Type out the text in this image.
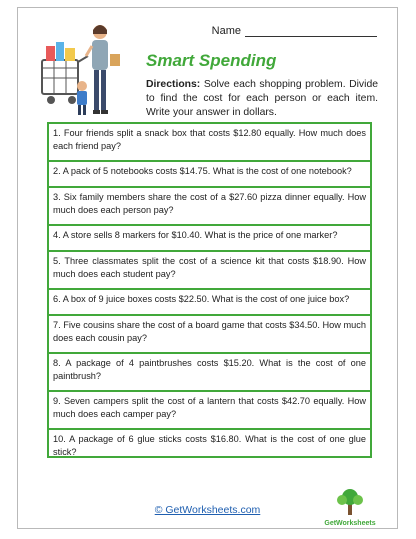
Name
Smart Spending
Directions: Solve each shopping problem. Divide to find the cost for each person or each item. Write your answer in dollars.
1. Four friends split a snack box that costs $12.80 equally. How much does each friend pay?
2. A pack of 5 notebooks costs $14.75. What is the cost of one notebook?
3. Six family members share the cost of a $27.60 pizza dinner equally. How much does each person pay?
4. A store sells 8 markers for $10.40. What is the price of one marker?
5. Three classmates split the cost of a science kit that costs $18.90. How much does each student pay?
6. A box of 9 juice boxes costs $22.50. What is the cost of one juice box?
7. Five cousins share the cost of a board game that costs $34.50. How much does each cousin pay?
8. A package of 4 paintbrushes costs $15.20. What is the cost of one paintbrush?
9. Seven campers split the cost of a lantern that costs $42.70 equally. How much does each camper pay?
10. A package of 6 glue sticks costs $16.80. What is the cost of one glue stick?
© GetWorksheets.com
GetWorksheets
